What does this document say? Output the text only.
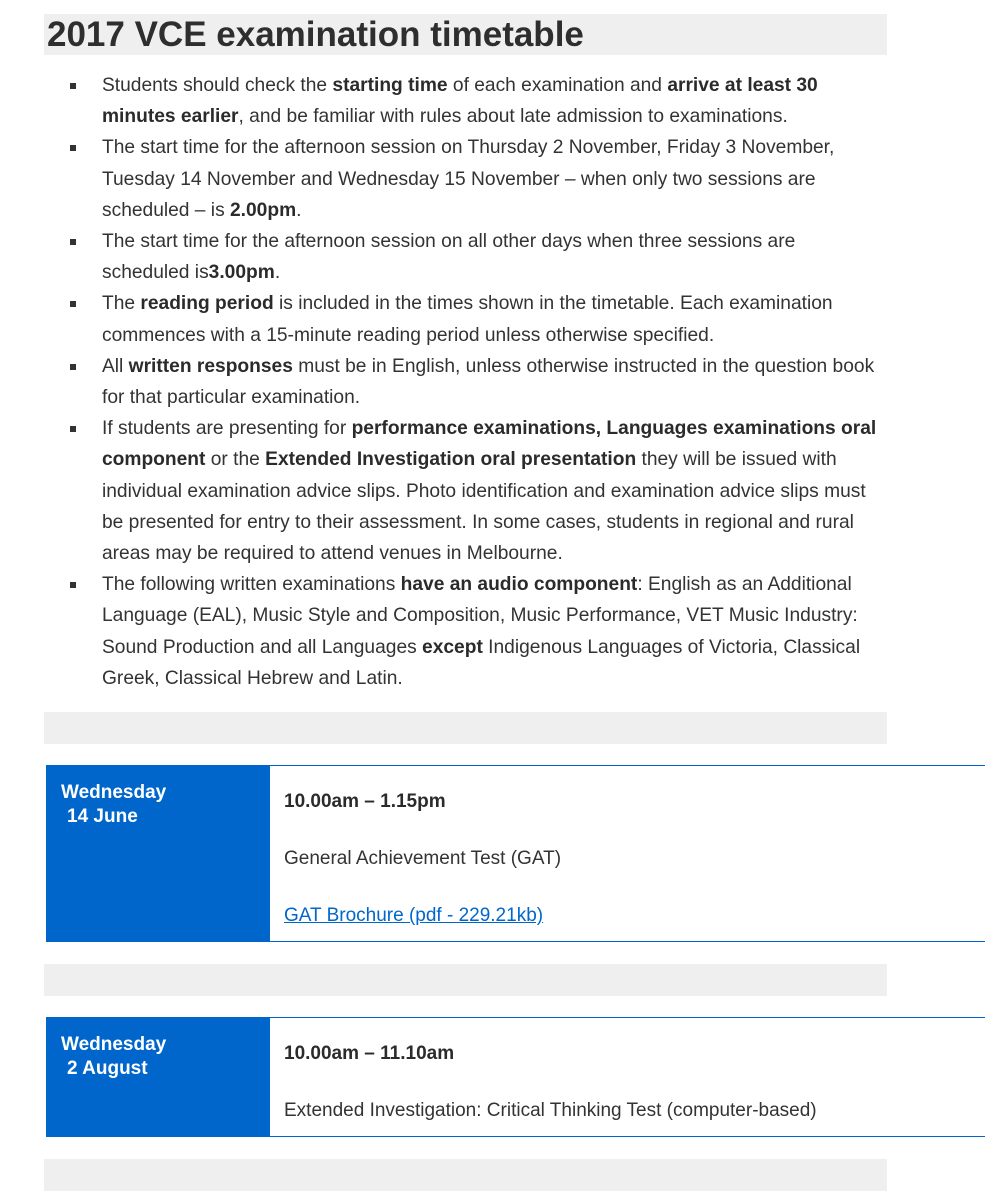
2017 VCE examination timetable
Students should check the starting time of each examination and arrive at least 30 minutes earlier, and be familiar with rules about late admission to examinations.
The start time for the afternoon session on Thursday 2 November, Friday 3 November, Tuesday 14 November and Wednesday 15 November – when only two sessions are scheduled – is 2.00pm.
The start time for the afternoon session on all other days when three sessions are scheduled is3.00pm.
The reading period is included in the times shown in the timetable. Each examination commences with a 15-minute reading period unless otherwise specified.
All written responses must be in English, unless otherwise instructed in the question book for that particular examination.
If students are presenting for performance examinations, Languages examinations oral component or the Extended Investigation oral presentation they will be issued with individual examination advice slips. Photo identification and examination advice slips must be presented for entry to their assessment. In some cases, students in regional and rural areas may be required to attend venues in Melbourne.
The following written examinations have an audio component: English as an Additional Language (EAL), Music Style and Composition, Music Performance, VET Music Industry: Sound Production and all Languages except Indigenous Languages of Victoria, Classical Greek, Classical Hebrew and Latin.
Wednesday
14 June
10.00am – 1.15pm
General Achievement Test (GAT)
GAT Brochure (pdf - 229.21kb)
Wednesday
2 August
10.00am – 11.10am
Extended Investigation: Critical Thinking Test (computer-based)
